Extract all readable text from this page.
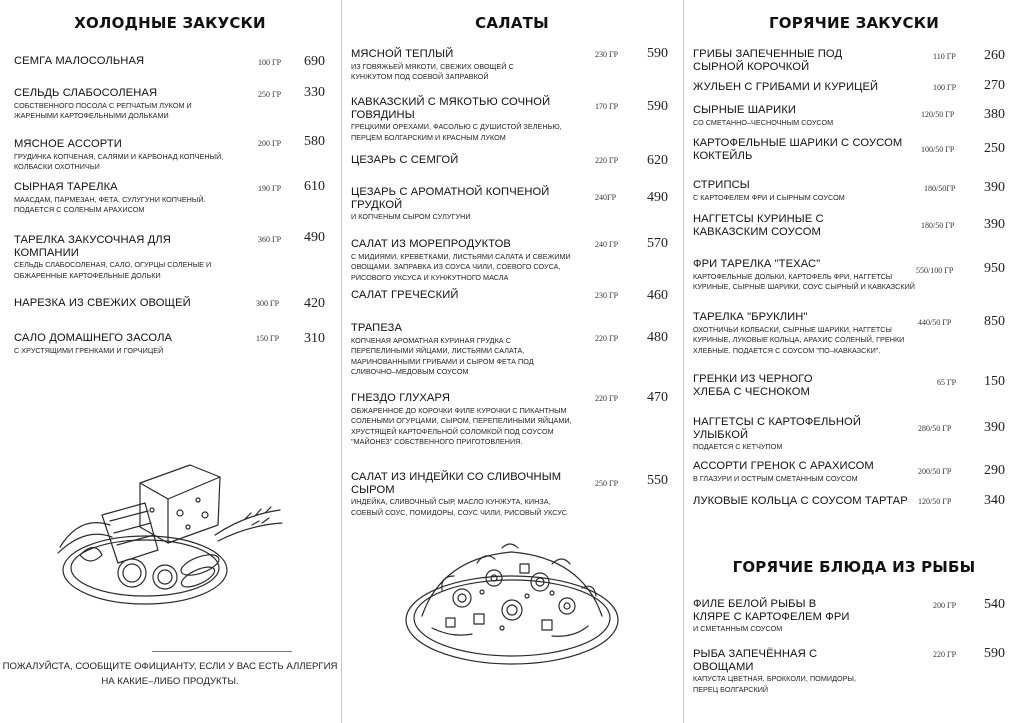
ХОЛОДНЫЕ ЗАКУСКИ
СЕМГА МАЛОСОЛЬНАЯ	100 ГР 690
СЕЛЬДЬ СЛАБОСОЛЕНАЯ
СОБСТВЕННОГО ПОСОЛА С РЕПЧАТЫМ ЛУКОМ И ЖАРЕНЫМИ КАРТОФЕЛЬНЫМИ ДОЛЬКАМИ
250 ГР 330
МЯСНОЕ АССОРТИ
ГРУДИНКА КОПЧЕНАЯ, САЛЯМИ И КАРБОНАД КОПЧЕНЫЙ, КОЛБАСКИ ОХОТНИЧЬИ
200 ГР 580
СЫРНАЯ ТАРЕЛКА
МААСДАМ, ПАРМЕЗАН, ФЕТА, СУЛУГУНИ КОПЧЕНЫЙ. ПОДАЕТСЯ С СОЛЕНЫМ АРАХИСОМ
190 ГР 610
ТАРЕЛКА ЗАКУСОЧНАЯ ДЛЯ КОМПАНИИ
СЕЛЬДЬ СЛАБОСОЛЕНАЯ, САЛО, ОГУРЦЫ СОЛЕНЫЕ И ОБЖАРЕННЫЕ КАРТОФЕЛЬНЫЕ ДОЛЬКИ
360 ГР 490
НАРЕЗКА ИЗ СВЕЖИХ ОВОЩЕЙ	300 ГР 420
САЛО ДОМАШНЕГО ЗАСОЛА
С ХРУСТЯЩИМИ ГРЕНКАМИ И ГОРЧИЦЕЙ
150 ГР 310
ПОЖАЛУЙСТА, СООБЩИТЕ ОФИЦИАНТУ, ЕСЛИ У ВАС ЕСТЬ АЛЛЕРГИЯ НА КАКИЕ–ЛИБО ПРОДУКТЫ.
САЛАТЫ
МЯСНОЙ ТЕПЛЫЙ
ИЗ ГОВЯЖЬЕЙ МЯКОТИ, СВЕЖИХ ОВОЩЕЙ С КУНЖУТОМ ПОД СОЕВОЙ ЗАПРАВКОЙ
230 ГР 590
КАВКАЗСКИЙ С МЯКОТЬЮ СОЧНОЙ ГОВЯДИНЫ
ГРЕЦКИМИ ОРЕХАМИ, ФАСОЛЬЮ С ДУШИСТОЙ ЗЕЛЕНЬЮ, ПЕРЦЕМ БОЛГАРСКИМ И КРАСНЫМ ЛУКОМ
170 ГР 590
ЦЕЗАРЬ С СЕМГОЙ	220 ГР 620
ЦЕЗАРЬ С АРОМАТНОЙ КОПЧЕНОЙ ГРУДКОЙ
И КОПЧЕНЫМ СЫРОМ СУЛУГУНИ
240ГР 490
САЛАТ ИЗ МОРЕПРОДУКТОВ
С МИДИЯМИ, КРЕВЕТКАМИ, ЛИСТЬЯМИ САЛАТА И СВЕЖИМИ ОВОЩАМИ. ЗАПРАВКА ИЗ СОУСА ЧИЛИ, СОЕВОГО СОУСА, РИСОВОГО УКСУСА И КУНЖУТНОГО МАСЛА
240 ГР 570
САЛАТ ГРЕЧЕСКИЙ	230 ГР 460
ТРАПЕЗА
КОПЧЕНАЯ АРОМАТНАЯ КУРИНАЯ ГРУДКА С ПЕРЕПЕЛИНЫМИ ЯЙЦАМИ, ЛИСТЬЯМИ САЛАТА, МАРИНОВАННЫМИ ГРИБАМИ И СЫРОМ ФЕТА ПОД СЛИВОЧНО–МЕДОВЫМ СОУСОМ
220 ГР 480
ГНЕЗДО ГЛУХАРЯ
ОБЖАРЕННОЕ ДО КОРОЧКИ ФИЛЕ КУРОЧКИ С ПИКАНТНЫМ СОЛЕНЫМИ ОГУРЦАМИ, СЫРОМ, ПЕРЕПЕЛИНЫМИ ЯЙЦАМИ, ХРУСТЯЩЕЙ КАРТОФЕЛЬНОЙ СОЛОМКОЙ ПОД СОУСОМ "МАЙОНЕЗ" СОБСТВЕННОГО ПРИГОТОВЛЕНИЯ.
220 ГР 470
САЛАТ ИЗ ИНДЕЙКИ СО СЛИВОЧНЫМ СЫРОМ
ИНДЕЙКА, СЛИВОЧНЫЙ СЫР, МАСЛО КУНЖУТА, КИНЗА, СОЕВЫЙ СОУС, ПОМИДОРЫ, СОУС ЧИЛИ, РИСОВЫЙ УКСУС
250 ГР 550
ГОРЯЧИЕ ЗАКУСКИ
ГРИБЫ ЗАПЕЧЕННЫЕ ПОД СЫРНОЙ КОРОЧКОЙ
110 ГР 260
ЖУЛЬЕН С ГРИБАМИ И КУРИЦЕЙ	100 ГР 270
СЫРНЫЕ ШАРИКИ
СО СМЕТАННО–ЧЕСНОЧНЫМ СОУСОМ
120/50 ГР 380
КАРТОФЕЛЬНЫЕ ШАРИКИ С СОУСОМ КОКТЕЙЛЬ	100/50 ГР 250
СТРИПСЫ
С КАРТОФЕЛЕМ ФРИ И СЫРНЫМ СОУСОМ
180/50ГР 390
НАГГЕТСЫ КУРИНЫЕ С КАВКАЗСКИМ СОУСОМ	180/50 ГР 390
ФРИ ТАРЕЛКА "ТЕХАС"
КАРТОФЕЛЬНЫЕ ДОЛЬКИ, КАРТОФЕЛЬ ФРИ, НАГГЕТСЫ КУРИНЫЕ, СЫРНЫЕ ШАРИКИ, СОУС СЫРНЫЙ И КАВКАЗСКИЙ
550/100 ГР 950
ТАРЕЛКА "БРУКЛИН"
ОХОТНИЧЬИ КОЛБАСКИ, СЫРНЫЕ ШАРИКИ, НАГГЕТСЫ КУРИНЫЕ, ЛУКОВЫЕ КОЛЬЦА, АРАХИС СОЛЕНЫЙ, ГРЕНКИ ХЛЕБНЫЕ. ПОДАЕТСЯ С СОУСОМ "ПО–КАВКАЗСКИ".
440/50 ГР 850
ГРЕНКИ ИЗ ЧЕРНОГО ХЛЕБА С ЧЕСНОКОМ
65 ГР 150
НАГГЕТСЫ С КАРТОФЕЛЬНОЙ УЛЫБКОЙ
ПОДАЕТСЯ С КЕТЧУПОМ
280/50 ГР 390
АССОРТИ ГРЕНОК С АРАХИСОМ
В ГЛАЗУРИ И ОСТРЫМ СМЕТАННЫМ СОУСОМ
200/50 ГР 290
ЛУКОВЫЕ КОЛЬЦА С СОУСОМ ТАРТАР	120/50 ГР 340
ГОРЯЧИЕ БЛЮДА ИЗ РЫБЫ
ФИЛЕ БЕЛОЙ РЫБЫ В КЛЯРЕ С КАРТОФЕЛЕМ ФРИ
И СМЕТАННЫМ СОУСОМ
200 ГР 540
РЫБА ЗАПЕЧЁННАЯ С ОВОЩАМИ
КАПУСТА ЦВЕТНАЯ, БРОККОЛИ, ПОМИДОРЫ, ПЕРЕЦ БОЛГАРСКИЙ
220 ГР 590
